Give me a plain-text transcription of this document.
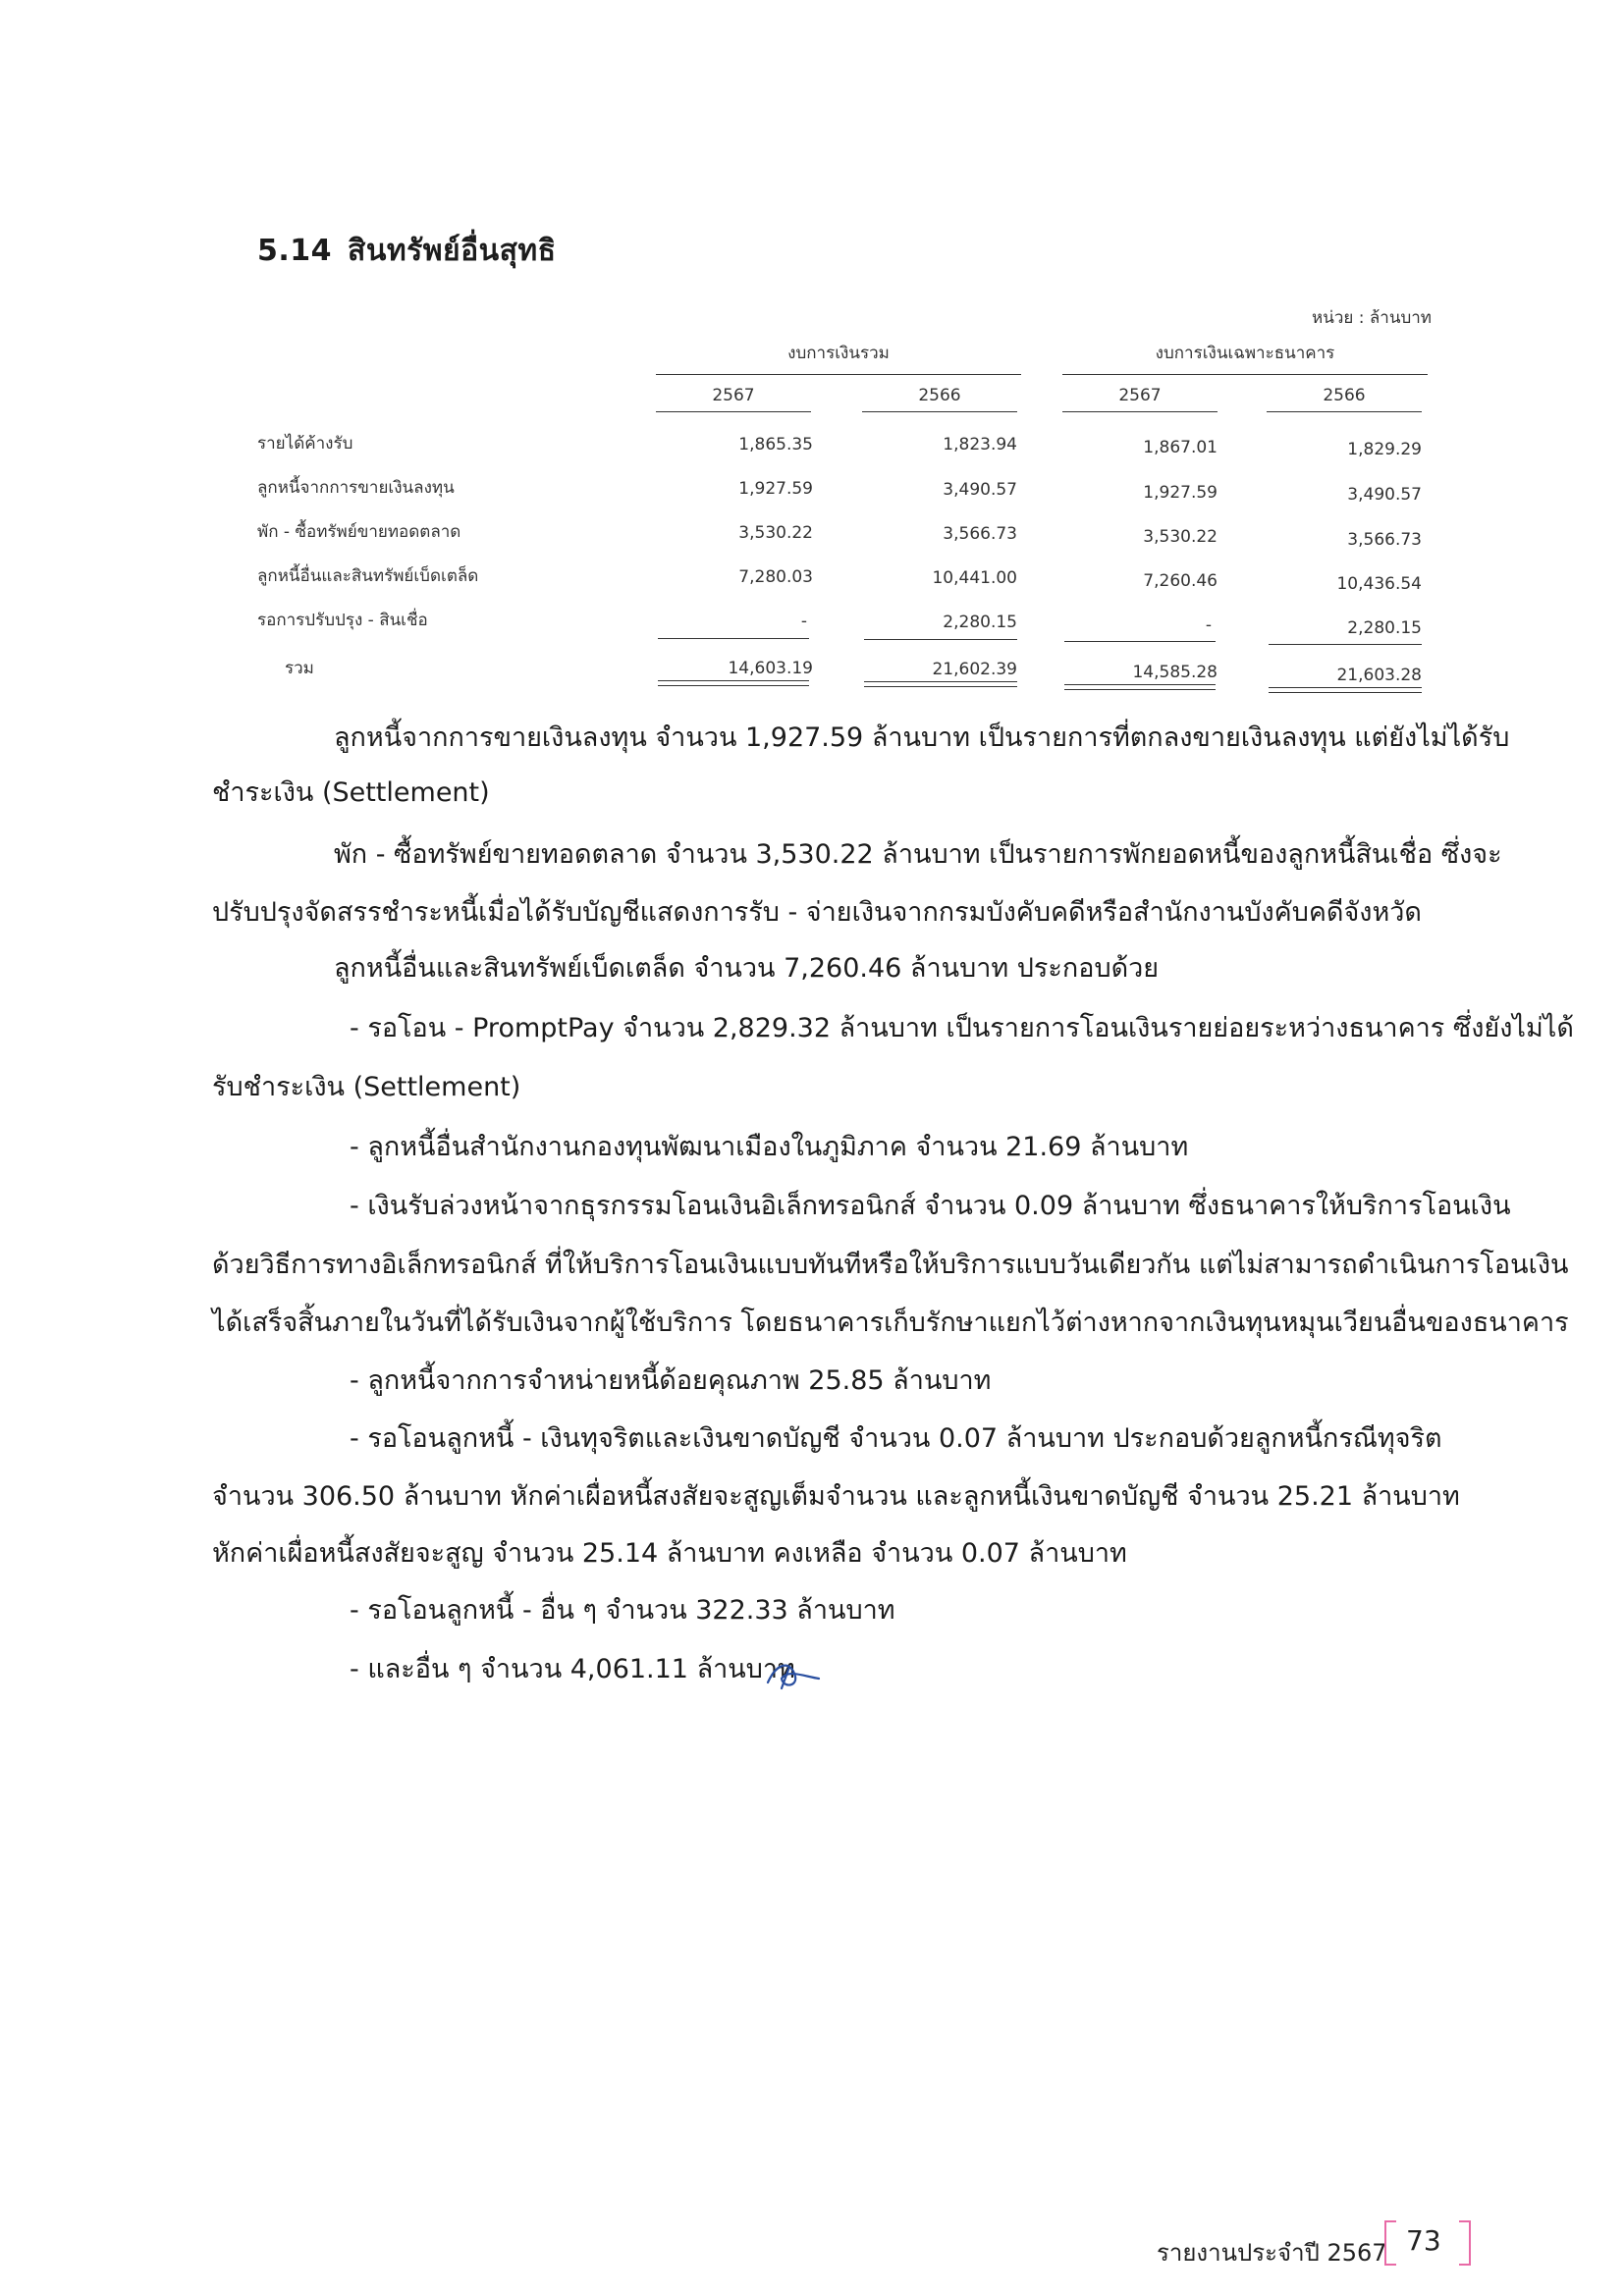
5.14 สินทรัพย์อื่นสุทธิ
หน่วย : ล้านบาท
งบการเงินรวม	งบการเงินเฉพาะธนาคาร
2567	2566	2567	2566
รายได้ค้างรับ	1,865.35	1,823.94	1,867.01	1,829.29
ลูกหนี้จากการขายเงินลงทุน	1,927.59	3,490.57	1,927.59	3,490.57
พัก - ซื้อทรัพย์ขายทอดตลาด	3,530.22	3,566.73	3,530.22	3,566.73
ลูกหนี้อื่นและสินทรัพย์เบ็ดเตล็ด	7,280.03	10,441.00	7,260.46	10,436.54
รอการปรับปรุง - สินเชื่อ	-	2,280.15	-	2,280.15
รวม	14,603.19	21,602.39	14,585.28	21,603.28
ลูกหนี้จากการขายเงินลงทุน จำนวน 1,927.59 ล้านบาท เป็นรายการที่ตกลงขายเงินลงทุน แต่ยังไม่ได้รับ
ชำระเงิน (Settlement)
พัก - ซื้อทรัพย์ขายทอดตลาด จำนวน 3,530.22 ล้านบาท เป็นรายการพักยอดหนี้ของลูกหนี้สินเชื่อ ซึ่งจะ
ปรับปรุงจัดสรรชำระหนี้เมื่อได้รับบัญชีแสดงการรับ - จ่ายเงินจากกรมบังคับคดีหรือสำนักงานบังคับคดีจังหวัด
ลูกหนี้อื่นและสินทรัพย์เบ็ดเตล็ด จำนวน 7,260.46 ล้านบาท ประกอบด้วย
- รอโอน - PromptPay จำนวน 2,829.32 ล้านบาท เป็นรายการโอนเงินรายย่อยระหว่างธนาคาร ซึ่งยังไม่ได้
รับชำระเงิน (Settlement)
- ลูกหนี้อื่นสำนักงานกองทุนพัฒนาเมืองในภูมิภาค จำนวน 21.69 ล้านบาท
- เงินรับล่วงหน้าจากธุรกรรมโอนเงินอิเล็กทรอนิกส์ จำนวน 0.09 ล้านบาท ซึ่งธนาคารให้บริการโอนเงิน
ด้วยวิธีการทางอิเล็กทรอนิกส์ ที่ให้บริการโอนเงินแบบทันทีหรือให้บริการแบบวันเดียวกัน แต่ไม่สามารถดำเนินการโอนเงิน
ได้เสร็จสิ้นภายในวันที่ได้รับเงินจากผู้ใช้บริการ โดยธนาคารเก็บรักษาแยกไว้ต่างหากจากเงินทุนหมุนเวียนอื่นของธนาคาร
- ลูกหนี้จากการจำหน่ายหนี้ด้อยคุณภาพ 25.85 ล้านบาท
- รอโอนลูกหนี้ - เงินทุจริตและเงินขาดบัญชี จำนวน 0.07 ล้านบาท ประกอบด้วยลูกหนี้กรณีทุจริต
จำนวน 306.50 ล้านบาท หักค่าเผื่อหนี้สงสัยจะสูญเต็มจำนวน และลูกหนี้เงินขาดบัญชี จำนวน 25.21 ล้านบาท
หักค่าเผื่อหนี้สงสัยจะสูญ จำนวน 25.14 ล้านบาท คงเหลือ จำนวน 0.07 ล้านบาท
- รอโอนลูกหนี้ - อื่น ๆ จำนวน 322.33 ล้านบาท
- และอื่น ๆ จำนวน 4,061.11 ล้านบาท
รายงานประจำปี 2567 73
